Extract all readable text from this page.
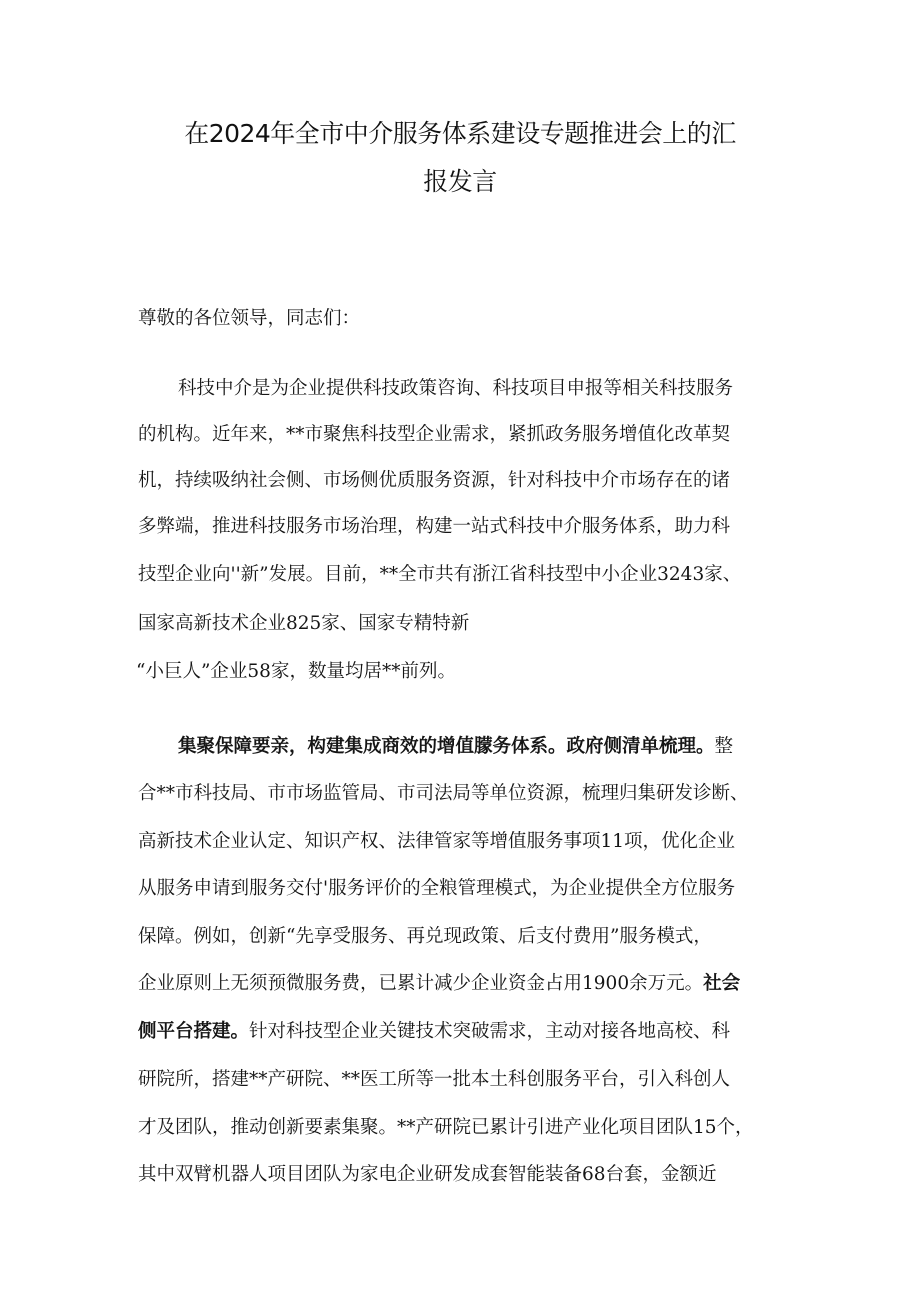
在2024年全市中介服务体系建设专题推进会上的汇
报发言
尊敬的各位领导，同志们：
科技中介是为企业提供科技政策咨询、科技项目申报等相关科技服务
的机构。近年来，**市聚焦科技型企业需求，紧抓政务服务增值化改革契
机，持续吸纳社会侧、市场侧优质服务资源，针对科技中介市场存在的诸
多弊端，推进科技服务市场治理，构建一站式科技中介服务体系，助力科
技型企业向''新”发展。目前，**全市共有浙江省科技型中小企业3243家、
国家高新技术企业825家、国家专精特新
“小巨人”企业58家，数量均居**前列。
集聚保障要亲，构建集成商效的增值朦务体系。政府侧清单梳理。整
合**市科技局、市市场监管局、市司法局等单位资源，梳理归集研发诊断、
高新技术企业认定、知识产权、法律管家等增值服务事项11项，优化企业
从服务申请到服务交付'服务评价的全粮管理模式，为企业提供全方位服务
保障。例如，创新“先享受服务、再兑现政策、后支付费用”服务模式，
企业原则上无须预微服务费，已累计减少企业资金占用1900余万元。社会
侧平台搭建。针对科技型企业关键技术突破需求，主动对接各地高校、科
研院所，搭建**产研院、**医工所等一批本土科创服务平台，引入科创人
才及团队，推动创新要素集聚。**产研院已累计引进产业化项目团队15个，
其中双臂机器人项目团队为家电企业研发成套智能装备68台套，金额近
